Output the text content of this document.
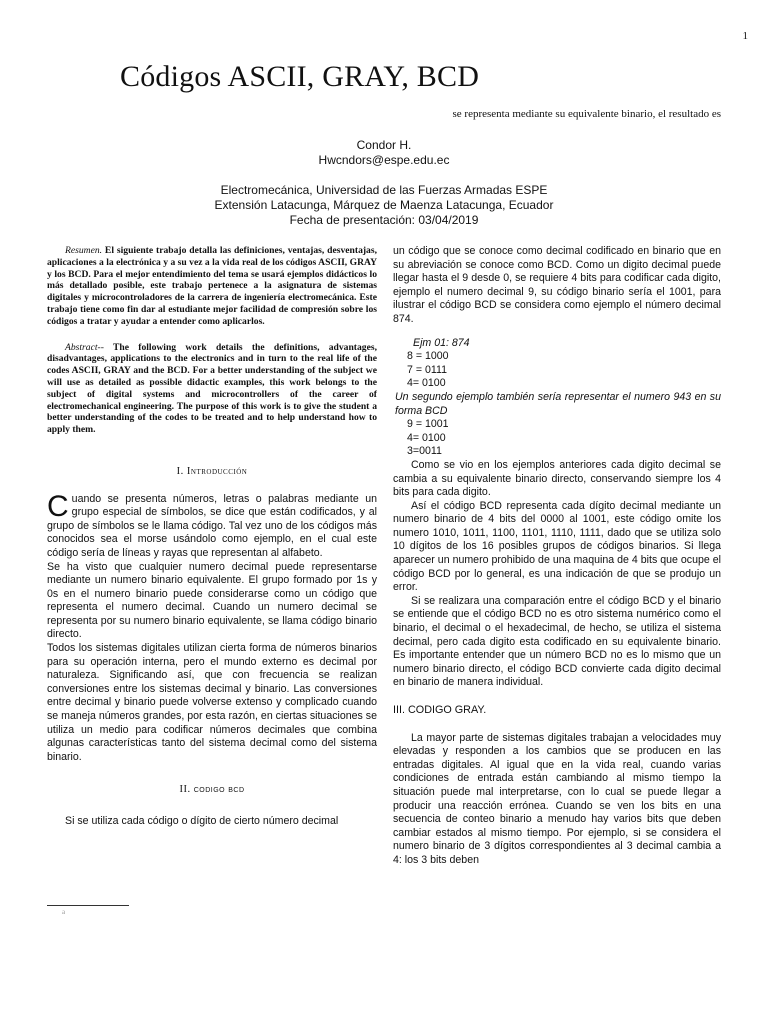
1
Códigos ASCII, GRAY, BCD
se representa mediante su equivalente binario, el resultado es
Condor H.
Hwcndors@espe.edu.ec
Electromecánica, Universidad de las Fuerzas Armadas ESPE
Extensión Latacunga, Márquez de Maenza Latacunga, Ecuador
Fecha de presentación: 03/04/2019

Resumen. El siguiente trabajo detalla las definiciones, ventajas, desventajas, aplicaciones a la electrónica y a su vez a la vida real de los códigos ASCII, GRAY y los BCD. Para el mejor entendimiento del tema se usará ejemplos didácticos lo más detallado posible, este trabajo pertenece a la asignatura de sistemas digitales y microcontroladores de la carrera de ingeniería electromecánica. Este trabajo tiene como fin dar al estudiante mejor facilidad de compresión sobre los códigos a tratar y ayudar a entender como aplicarlos.

Abstract-- The following work details the definitions, advantages, disadvantages, applications to the electronics and in turn to the real life of the codes ASCII, GRAY and the BCD. For a better understanding of the subject we will use as detailed as possible didactic examples, this work belongs to the subject of digital systems and microcontrollers of the career of electromechanical engineering. The purpose of this work is to give the student a better understanding of the codes to be treated and to help understand how to apply them.

I. Introducción

Cuando se presenta números, letras o palabras mediante un grupo especial de símbolos, se dice que están codificados, y al grupo de símbolos se le llama código. Tal vez uno de los códigos más conocidos sea el morse usándolo como ejemplo, en el cual este código sería de líneas y rayas que representan al alfabeto.

Se ha visto que cualquier numero decimal puede representarse mediante un numero binario equivalente. El grupo formado por 1s y 0s en el numero binario puede considerarse como un código que representa el numero decimal. Cuando un numero decimal se representa por su numero binario equivalente, se llama código binario directo.

Todos los sistemas digitales utilizan cierta forma de números binarios para su operación interna, pero el mundo externo es decimal por naturaleza. Significando así, que con frecuencia se realizan conversiones entre los sistemas decimal y binario. Las conversiones entre decimal y binario puede volverse extenso y complicado cuando se maneja números grandes, por esta razón, en ciertas situaciones se utiliza un medio para codificar números decimales que combina algunas características tanto del sistema decimal como del sistema binario.

II. codigo bcd

Si se utiliza cada código o dígito de cierto número decimal

a

un código que se conoce como decimal codificado en binario que en su abreviación se conoce como BCD. Como un digito decimal puede llegar hasta el 9 desde 0, se requiere 4 bits para codificar cada digito, ejemplo el numero decimal 9, su código binario sería el 1001, para ilustrar el código BCD se considera como ejemplo el número decimal 874.

Ejm 01: 874
8 = 1000
7 = 0111
4= 0100

Un segundo ejemplo también sería representar el numero 943 en su forma BCD

9 = 1001
4= 0100
3=0011

Como se vio en los ejemplos anteriores cada digito decimal se cambia a su equivalente binario directo, conservando siempre los 4 bits para cada digito.

Así el código BCD representa cada dígito decimal mediante un numero binario de 4 bits del 0000 al 1001, este código omite los numero 1010, 1011, 1100, 1101, 1110, 1111, dado que se utiliza solo 10 dígitos de los 16 posibles grupos de códigos binarios. Si llega aparecer un numero prohibido de una maquina de 4 bits que ocupe el código BCD por lo general, es una indicación de que se produjo un error.

Si se realizara una comparación entre el código BCD y el binario se entiende que el código BCD no es otro sistema numérico como el binario, el decimal o el hexadecimal, de hecho, se utiliza el sistema decimal, pero cada digito esta codificado en su equivalente binario. Es importante entender que un número BCD no es lo mismo que un numero binario directo, el código BCD convierte cada digito decimal en binario de manera individual.

III. CODIGO GRAY.

La mayor parte de sistemas digitales trabajan a velocidades muy elevadas y responden a los cambios que se producen en las entradas digitales. Al igual que en la vida real, cuando varias condiciones de entrada están cambiando al mismo tiempo la situación puede mal interpretarse, con lo cual se puede llegar a producir una reacción errónea. Cuando se ven los bits en una secuencia de conteo binario a menudo hay varios bits que deben cambiar estados al mismo tiempo. Por ejemplo, si se considera el numero binario de 3 dígitos correspondientes al 3 decimal cambia a 4: los 3 bits deben
